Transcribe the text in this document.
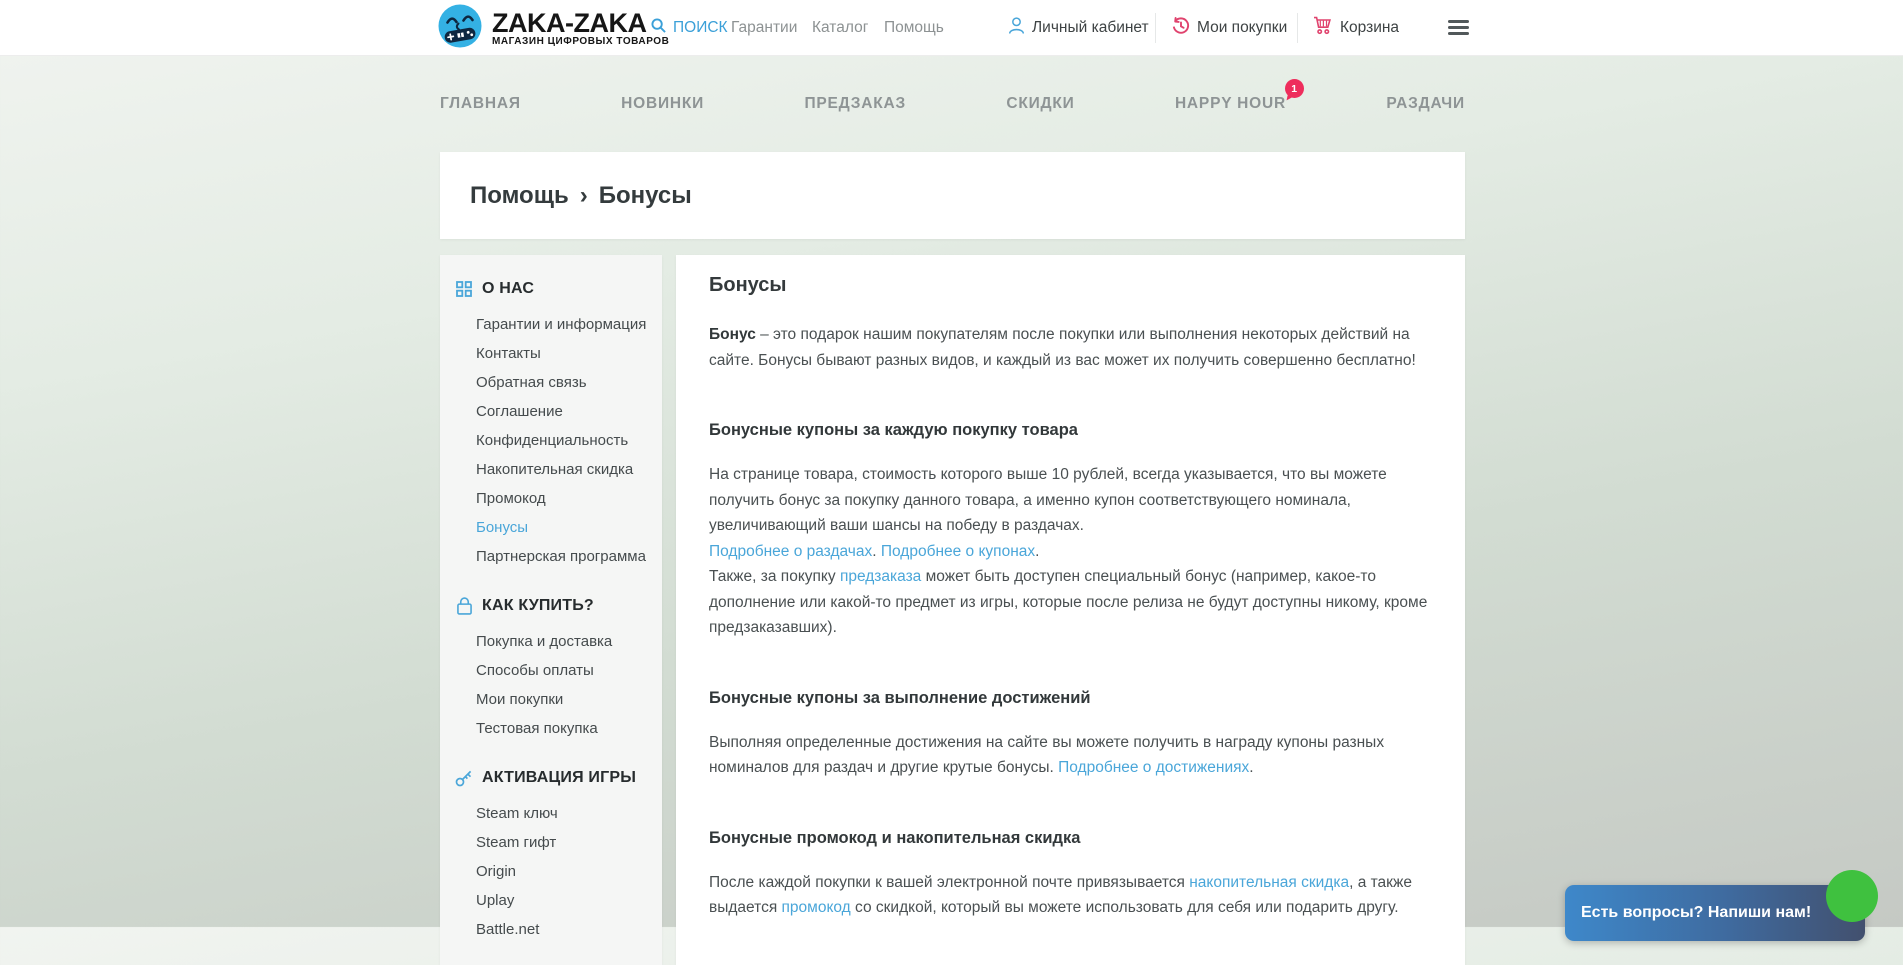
ZAKA-ZAKA
МАГАЗИН ЦИФРОВЫХ ТОВАРОВ
ПОИСК Гарантии Каталог Помощь	Личный кабинет	Мои покупки	Корзина
ГЛАВНАЯ	НОВИНКИ	ПРЕДЗАКАЗ	СКИДКИ	HAPPY HOUR
1
РАЗДАЧИ
Помощь › Бонусы
О НАС
Гарантии и информация
Контакты
Обратная связь
Соглашение
Конфиденциальность
Накопительная скидка
Промокод
Бонусы
Партнерская программа
КАК КУПИТЬ?
Покупка и доставка
Способы оплаты
Мои покупки
Тестовая покупка
АКТИВАЦИЯ ИГРЫ
Steam ключ
Steam гифт
Origin
Uplay
Battle.net
Бонусы

Бонус – это подарок нашим покупателям после покупки или выполнения некоторых действий на сайте. Бонусы бывают разных видов, и каждый из вас может их получить совершенно бесплатно!

Бонусные купоны за каждую покупку товара

На странице товара, стоимость которого выше 10 рублей, всегда указывается, что вы можете получить бонус за покупку данного товара, а именно купон соответствующего номинала, увеличивающий ваши шансы на победу в раздачах.
Подробнее о раздачах. Подробнее о купонах.
Также, за покупку предзаказа может быть доступен специальный бонус (например, какое-то дополнение или какой-то предмет из игры, которые после релиза не будут доступны никому, кроме предзаказавших).

Бонусные купоны за выполнение достижений

Выполняя определенные достижения на сайте вы можете получить в награду купоны разных номиналов для раздач и другие крутые бонусы. Подробнее о достижениях.

Бонусные промокод и накопительная скидка

После каждой покупки к вашей электронной почте привязывается накопительная скидка, а также выдается промокод со скидкой, который вы можете использовать для себя или подарить другу.	Есть вопросы? Напиши нам!
